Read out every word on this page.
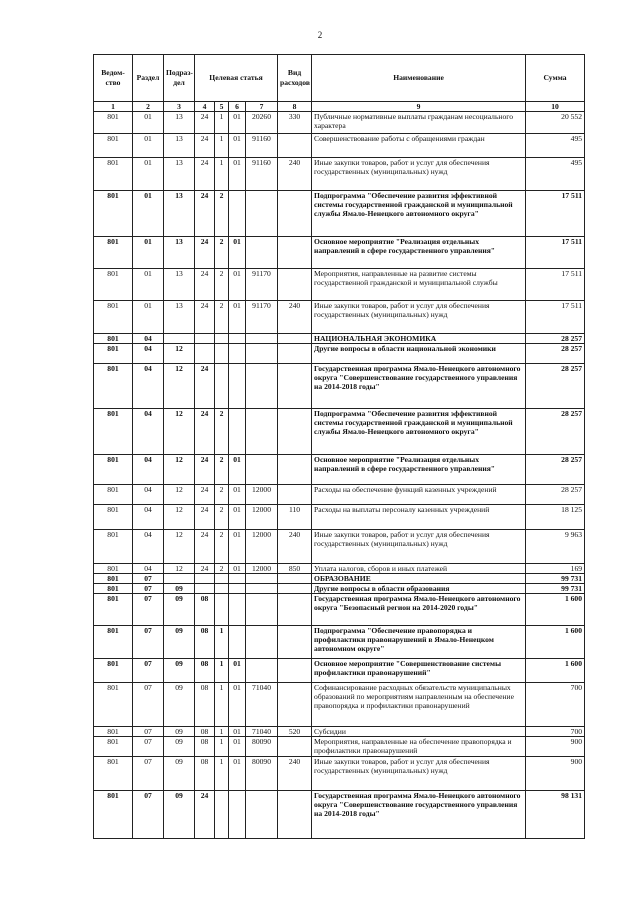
2
Ведом-ство	Раздел	Подраз-дел	Целевая статья				Вид расходов	Наименование	Сумма
1	2	3	4	5	6	7	8	9	10
801	01	13	24	1	01	20260	330	Публичные нормативные выплаты гражданам несоциального характера	20 552
801	01	13	24	1	01	91160		Совершенствование работы с обращениями граждан	495
801	01	13	24	1	01	91160	240	Иные закупки товаров, работ и услуг для обеспечения государственных (муниципальных) нужд	495
801	01	13	24	2				Подпрограмма "Обеспечение развития эффективной системы государственной гражданской и муниципальной службы Ямало-Ненецкого автономного округа"	17 511
801	01	13	24	2	01			Основное мероприятие "Реализация отдельных направлений в сфере государственного управления"	17 511
801	01	13	24	2	01	91170		Мероприятия, направленные на развитие системы государственной гражданской и муниципальной службы	17 511
801	01	13	24	2	01	91170	240	Иные закупки товаров, работ и услуг для обеспечения государственных (муниципальных) нужд	17 511
801	04							НАЦИОНАЛЬНАЯ ЭКОНОМИКА	28 257
801	04	12						Другие вопросы в области национальной экономики	28 257
801	04	12	24					Государственная программа Ямало-Ненецкого автономного округа "Совершенствование государственного управления на 2014-2018 годы"	28 257
801	04	12	24	2				Подпрограмма "Обеспечение развития эффективной системы государственной гражданской и муниципальной службы Ямало-Ненецкого автономного округа"	28 257
801	04	12	24	2	01			Основное мероприятие "Реализация отдельных направлений в сфере государственного управления"	28 257
801	04	12	24	2	01	12000		Расходы на обеспечение функций казенных учреждений	28 257
801	04	12	24	2	01	12000	110	Расходы на выплаты персоналу казенных учреждений	18 125
801	04	12	24	2	01	12000	240	Иные закупки товаров, работ и услуг для обеспечения государственных (муниципальных) нужд	9 963
801	04	12	24	2	01	12000	850	Уплата налогов, сборов и иных платежей	169
801	07							ОБРАЗОВАНИЕ	99 731
801	07	09						Другие вопросы в области образования	99 731
801	07	09	08					Государственная программа Ямало-Ненецкого автономного округа "Безопасный регион на 2014-2020 годы"	1 600
801	07	09	08	1				Подпрограмма "Обеспечение правопорядка и профилактики правонарушений в Ямало-Ненецком автономном округе"	1 600
801	07	09	08	1	01			Основное мероприятие "Совершенствование системы профилактики правонарушений"	1 600
801	07	09	08	1	01	71040		Софинансирование расходных обязательств муниципальных образований по мероприятиям направленным на обеспечение правопорядка и профилактики правонарушений	700
801	07	09	08	1	01	71040	520	Субсидии	700
801	07	09	08	1	01	80090		Мероприятия, направленные на обеспечение правопорядка и профилактики правонарушений	900
801	07	09	08	1	01	80090	240	Иные закупки товаров, работ и услуг для обеспечения государственных (муниципальных) нужд	900
801	07	09	24					Государственная программа Ямало-Ненецкого автономного округа "Совершенствование государственного управления на 2014-2018 годы"	98 131
